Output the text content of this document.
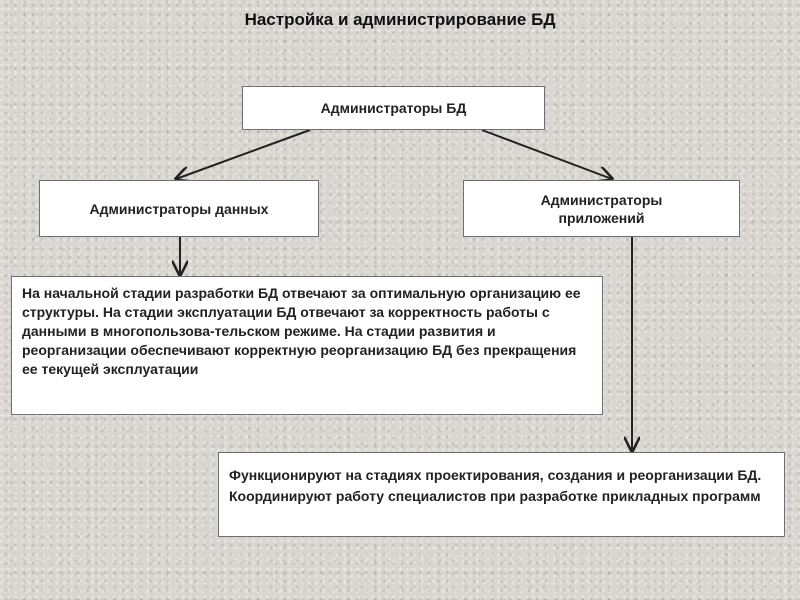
Настройка и администрирование БД
Администраторы БД
Администраторы данных
Администраторы
приложений
На начальной стадии разработки БД отвечают за оптимальную организацию ее структуры. На стадии эксплуатации БД отвечают за корректность работы с данными в многопользова-тельском режиме. На стадии развития и реорганизации обеспечивают корректную реорганизацию БД без прекращения ее текущей эксплуатации
Функционируют на стадиях проектирования, создания и реорганизации БД. Координируют работу специалистов при разработке прикладных программ
